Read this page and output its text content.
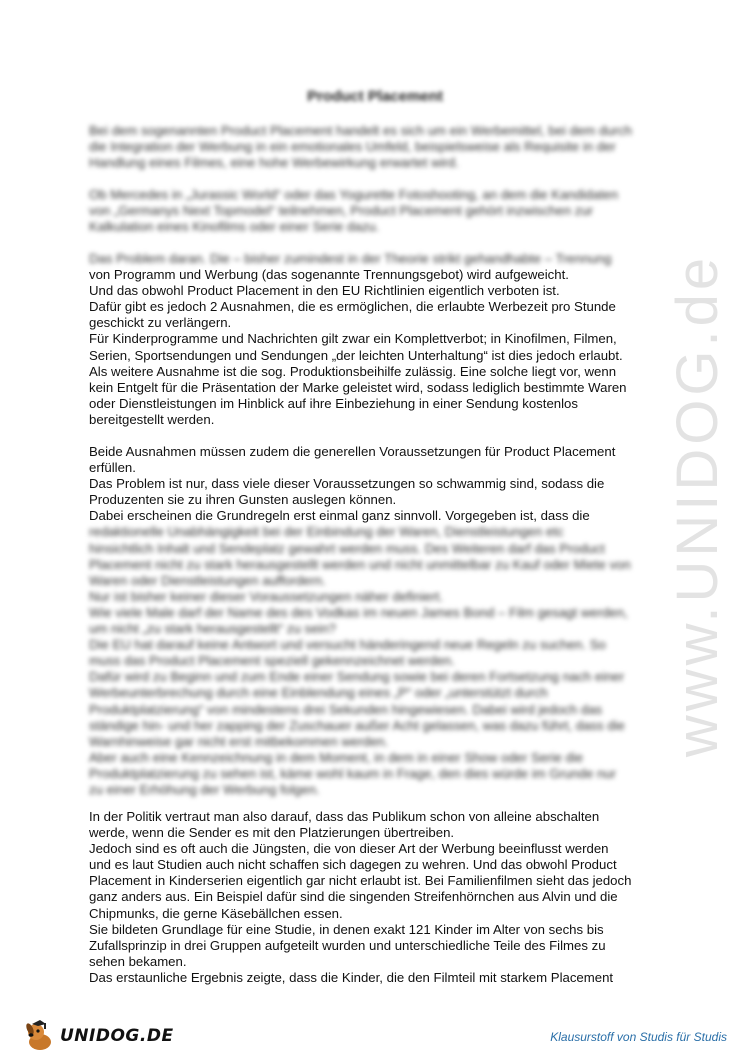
www.UNIDOG.de
Product Placement
Bei dem sogenannten Product Placement handelt es sich um ein Werbemittel, bei dem durch
die Integration der Werbung in ein emotionales Umfeld, beispielsweise als Requisite in der
Handlung eines Filmes, eine hohe Werbewirkung erwartet wird.
Ob Mercedes in „Jurassic World“ oder das Yogurette Fotoshooting, an dem die Kandidaten
von „Germanys Next Topmodel“ teilnehmen, Product Placement gehört inzwischen zur
Kalkulation eines Kinofilms oder einer Serie dazu.
Das Problem daran. Die – bisher zumindest in der Theorie strikt gehandhabte – Trennung
von Programm und Werbung (das sogenannte Trennungsgebot) wird aufgeweicht.
Und das obwohl Product Placement in den EU Richtlinien eigentlich verboten ist.
Dafür gibt es jedoch 2 Ausnahmen, die es ermöglichen, die erlaubte Werbezeit pro Stunde
geschickt zu verlängern.
Für Kinderprogramme und Nachrichten gilt zwar ein Komplettverbot; in Kinofilmen, Filmen,
Serien, Sportsendungen und Sendungen „der leichten Unterhaltung“ ist dies jedoch erlaubt.
Als weitere Ausnahme ist die sog. Produktionsbeihilfe zulässig. Eine solche liegt vor, wenn
kein Entgelt für die Präsentation der Marke geleistet wird, sodass lediglich bestimmte Waren
oder Dienstleistungen im Hinblick auf ihre Einbeziehung in einer Sendung kostenlos
bereitgestellt werden.
Beide Ausnahmen müssen zudem die generellen Voraussetzungen für Product Placement
erfüllen.
Das Problem ist nur, dass viele dieser Voraussetzungen so schwammig sind, sodass die
Produzenten sie zu ihren Gunsten auslegen können.
Dabei erscheinen die Grundregeln erst einmal ganz sinnvoll. Vorgegeben ist, dass die
redaktionelle Unabhängigkeit bei der Einbindung der Waren, Dienstleistungen etc
hinsichtlich Inhalt und Sendeplatz gewahrt werden muss. Des Weiteren darf das Product
Placement nicht zu stark herausgestellt werden und nicht unmittelbar zu Kauf oder Miete von
Waren oder Dienstleistungen auffordern.
Nur ist bisher keiner dieser Voraussetzungen näher definiert.
Wie viele Male darf der Name des des Vodkas im neuen James Bond – Film gesagt werden,
um nicht „zu stark herausgestellt“ zu sein?
Die EU hat darauf keine Antwort und versucht händeringend neue Regeln zu suchen. So
muss das Product Placement speziell gekennzeichnet werden.
Dafür wird zu Beginn und zum Ende einer Sendung sowie bei deren Fortsetzung nach einer
Werbeunterbrechung durch eine Einblendung eines „P“ oder „unterstützt durch
Produktplatzierung“ von mindestens drei Sekunden hingewiesen. Dabei wird jedoch das
ständige hin- und her zapping der Zuschauer außer Acht gelassen, was dazu führt, dass die
Warnhinweise gar nicht erst mitbekommen werden.
Aber auch eine Kennzeichnung in dem Moment, in dem in einer Show oder Serie die
Produktplatzierung zu sehen ist, käme wohl kaum in Frage, den dies würde im Grunde nur
zu einer Erhöhung der Werbung folgen.
In der Politik vertraut man also darauf, dass das Publikum schon von alleine abschalten
werde, wenn die Sender es mit den Platzierungen übertreiben.
Jedoch sind es oft auch die Jüngsten, die von dieser Art der Werbung beeinflusst werden
und es laut Studien auch nicht schaffen sich dagegen zu wehren. Und das obwohl Product
Placement in Kinderserien eigentlich gar nicht erlaubt ist. Bei Familienfilmen sieht das jedoch
ganz anders aus. Ein Beispiel dafür sind die singenden Streifenhörnchen aus Alvin und die
Chipmunks, die gerne Käsebällchen essen.
Sie bildeten Grundlage für eine Studie, in denen exakt 121 Kinder im Alter von sechs bis
Zufallsprinzip in drei Gruppen aufgeteilt wurden und unterschiedliche Teile des Filmes zu
sehen bekamen.
Das erstaunliche Ergebnis zeigte, dass die Kinder, die den Filmteil mit starkem Placement
UNIDOG.DE	Klausurstoff von Studis für Studis
